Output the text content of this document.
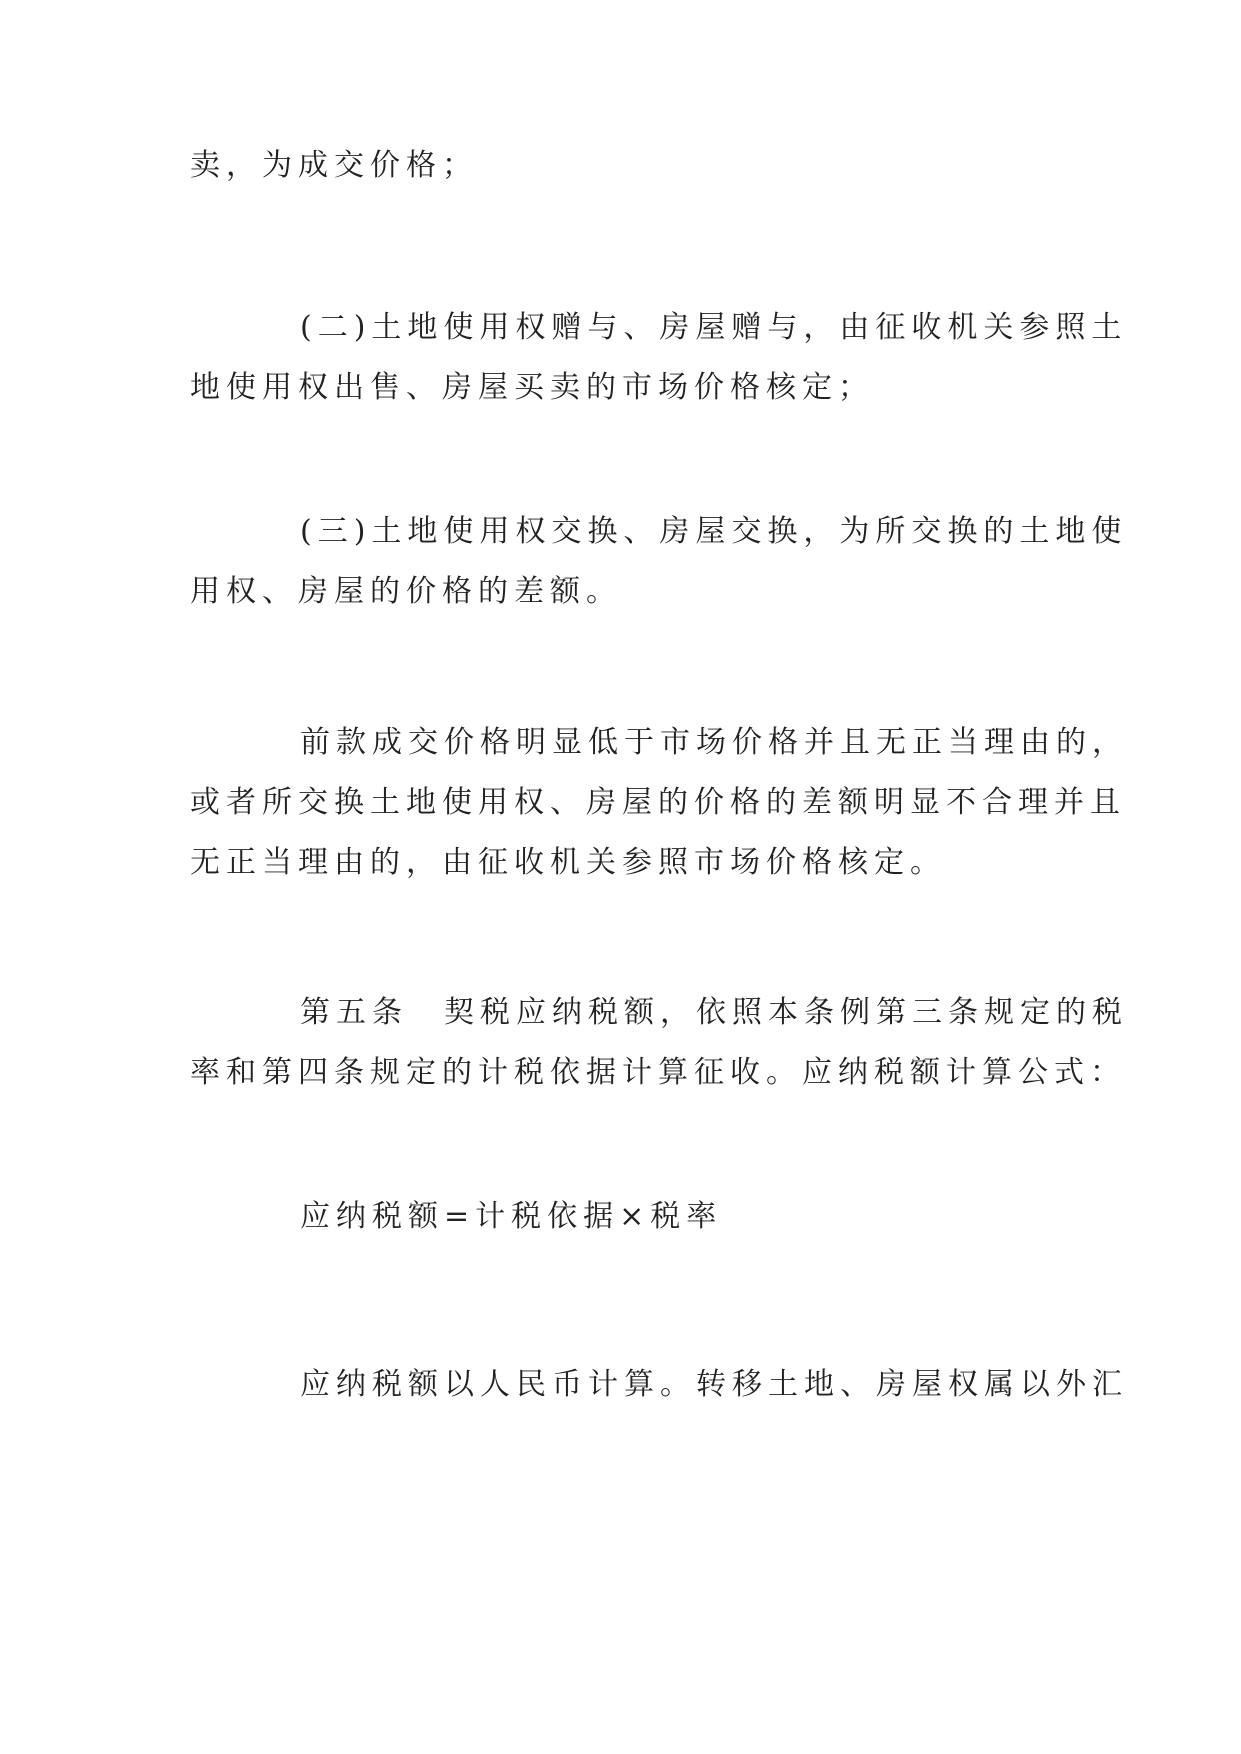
卖，为成交价格；
(二)土地使用权赠与、房屋赠与，由征收机关参照土
地使用权出售、房屋买卖的市场价格核定；
(三)土地使用权交换、房屋交换，为所交换的土地使
用权、房屋的价格的差额。
前款成交价格明显低于市场价格并且无正当理由的，
或者所交换土地使用权、房屋的价格的差额明显不合理并且
无正当理由的，由征收机关参照市场价格核定。
第五条　契税应纳税额，依照本条例第三条规定的税
率和第四条规定的计税依据计算征收。应纳税额计算公式：
应纳税额=计税依据×税率
应纳税额以人民币计算。转移土地、房屋权属以外汇
